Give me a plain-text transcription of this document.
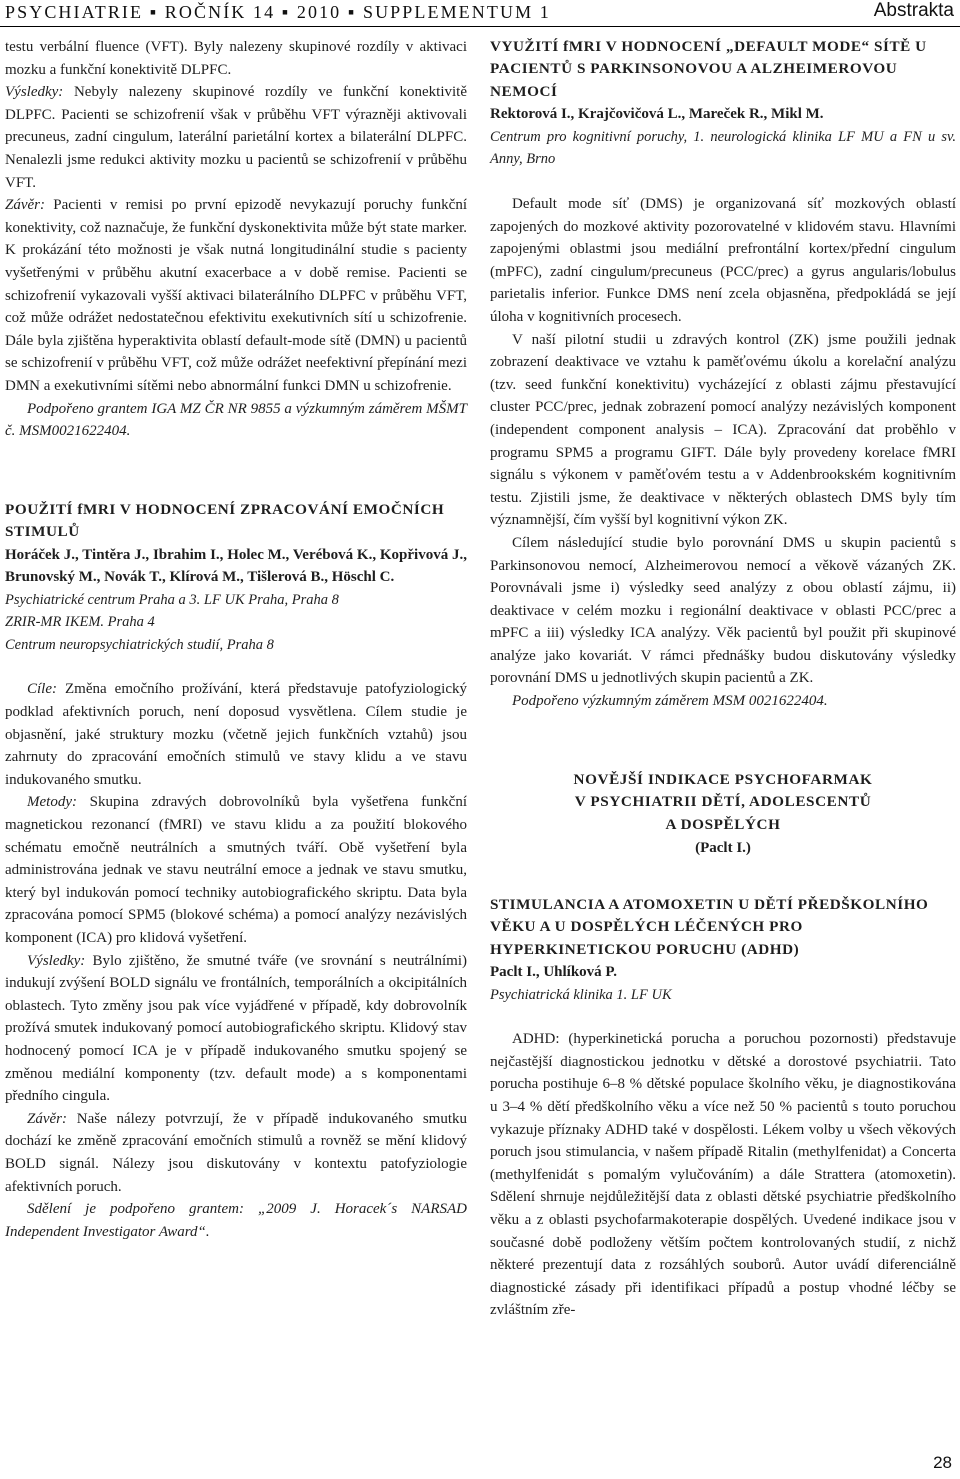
PSYCHIATRIE ▪ ROČNÍK 14 ▪ 2010 ▪ SUPPLEMENTUM 1	Abstrakta

testu verbální fluence (VFT). Byly nalezeny skupinové rozdíly v aktivaci mozku a funkční konektivitě DLPFC.

Výsledky: Nebyly nalezeny skupinové rozdíly ve funkční konektivitě DLPFC. Pacienti se schizofrenií však v průběhu VFT výrazněji aktivovali precuneus, zadní cingulum, laterální parietální kortex a bilaterální DLPFC. Nenalezli jsme redukci aktivity mozku u pacientů se schizofrenií v průběhu VFT.

Závěr: Pacienti v remisi po první epizodě nevykazují poruchy funkční konektivity, což naznačuje, že funkční dyskonektivita může být state marker. K prokázání této možnosti je však nutná longitudinální studie s pacienty vyšetřenými v průběhu akutní exacerbace a v době remise. Pacienti se schizofrenií vykazovali vyšší aktivaci bilaterálního DLPFC v průběhu VFT, což může odrážet nedostatečnou efektivitu exekutivních sítí u schizofrenie. Dále byla zjištěna hyperaktivita oblastí default-mode sítě (DMN) u pacientů se schizofrenií v průběhu VFT, což může odrážet neefektivní přepínání mezi DMN a exekutivními sítěmi nebo abnormální funkci DMN u schizofrenie.

Podpořeno grantem IGA MZ ČR NR 9855 a výzkumným záměrem MŠMT č. MSM0021622404.

POUŽITÍ fMRI V HODNOCENÍ ZPRACOVÁNÍ EMOČNÍCH STIMULŮ

Horáček J., Tintěra J., Ibrahim I., Holec M., Verébová K., Kopřivová J., Brunovský M., Novák T., Klírová M., Tišlerová B., Höschl C.

Psychiatrické centrum Praha a 3. LF UK Praha, Praha 8

ZRIR-MR IKEM. Praha 4

Centrum neuropsychiatrických studií, Praha 8

Cíle: Změna emočního prožívání, která představuje patofyziologický podklad afektivních poruch, není doposud vysvětlena. Cílem studie je objasnění, jaké struktury mozku (včetně jejich funkčních vztahů) jsou zahrnuty do zpracování emočních stimulů ve stavy klidu a ve stavu indukovaného smutku.

Metody: Skupina zdravých dobrovolníků byla vyšetřena funkční magnetickou rezonancí (fMRI) ve stavu klidu a za použití blokového schématu emočně neutrálních a smutných tváří. Obě vyšetření byla administrována jednak ve stavu neutrální emoce a jednak ve stavu smutku, který byl indukován pomocí techniky autobiografického skriptu. Data byla zpracována pomocí SPM5 (blokové schéma) a pomocí analýzy nezávislých komponent (ICA) pro klidová vyšetření.

Výsledky: Bylo zjištěno, že smutné tváře (ve srovnání s neutrálními) indukují zvýšení BOLD signálu ve frontálních, temporálních a okcipitálních oblastech. Tyto změny jsou pak více vyjádřené v případě, kdy dobrovolník prožívá smutek indukovaný pomocí autobiografického skriptu. Klidový stav hodnocený pomocí ICA je v případě indukovaného smutku spojený se změnou mediální komponenty (tzv. default mode) a s komponentami předního cingula.

Závěr: Naše nálezy potvrzují, že v případě indukovaného smutku dochází ke změně zpracování emočních stimulů a rovněž se mění klidový BOLD signál. Nálezy jsou diskutovány v kontextu patofyziologie afektivních poruch.

Sdělení je podpořeno grantem: „2009 J. Horacek´s NARSAD Independent Investigator Award“.

VYUŽITÍ fMRI V HODNOCENÍ „DEFAULT MODE“ SÍTĚ U PACIENTŮ S PARKINSONOVOU A ALZHEIMEROVOU NEMOCÍ

Rektorová I., Krajčovičová L., Mareček R., Mikl M.

Centrum pro kognitivní poruchy, 1. neurologická klinika LF MU a FN u sv. Anny, Brno

Default mode síť (DMS) je organizovaná síť mozkových oblastí zapojených do mozkové aktivity pozorovatelné v klidovém stavu. Hlavními zapojenými oblastmi jsou mediální prefrontální kortex/přední cingulum (mPFC), zadní cingulum/precuneus (PCC/prec) a gyrus angularis/lobulus parietalis inferior. Funkce DMS není zcela objasněna, předpokládá se její úloha v kognitivních procesech.

V naší pilotní studii u zdravých kontrol (ZK) jsme použili jednak zobrazení deaktivace ve vztahu k paměťovému úkolu a korelační analýzu (tzv. seed funkční konektivitu) vycházející z oblasti zájmu přestavující cluster PCC/prec, jednak zobrazení pomocí analýzy nezávislých komponent (independent component analysis – ICA). Zpracování dat proběhlo v programu SPM5 a programu GIFT. Dále byly provedeny korelace fMRI signálu s výkonem v paměťovém testu a v Addenbrookském kognitivním testu. Zjistili jsme, že deaktivace v některých oblastech DMS byly tím významnější, čím vyšší byl kognitivní výkon ZK.

Cílem následující studie bylo porovnání DMS u skupin pacientů s Parkinsonovou nemocí, Alzheimerovou nemocí a věkově vázaných ZK. Porovnávali jsme i) výsledky seed analýzy z obou oblastí zájmu, ii) deaktivace v celém mozku i regionální deaktivace v oblasti PCC/prec a mPFC a iii) výsledky ICA analýzy. Věk pacientů byl použit při skupinové analýze jako kovariát. V rámci přednášky budou diskutovány výsledky porovnání DMS u jednotlivých skupin pacientů a ZK.

Podpořeno výzkumným záměrem MSM 0021622404.

NOVĚJŠÍ INDIKACE PSYCHOFARMAK

V PSYCHIATRII DĚTÍ, ADOLESCENTŮ

A DOSPĚLÝCH

(Paclt I.)

STIMULANCIA A ATOMOXETIN U DĚTÍ PŘEDŠKOLNÍHO VĚKU A U DOSPĚLÝCH LÉČENÝCH PRO HYPERKINETICKOU PORUCHU (ADHD)

Paclt I., Uhlíková P.

Psychiatrická klinika 1. LF UK

ADHD: (hyperkinetická porucha a poruchou pozornosti) představuje nejčastější diagnostickou jednotku v dětské a dorostové psychiatrii. Tato porucha postihuje 6–8 % dětské populace školního věku, je diagnostikována u 3–4 % dětí předškolního věku a více než 50 % pacientů s touto poruchou vykazuje příznaky ADHD také v dospělosti. Lékem volby u všech věkových poruch jsou stimulancia, v našem případě Ritalin (methylfenidat) a Concerta (methylfenidát s pomalým vylučováním) a dále Strattera (atomoxetin). Sdělení shrnuje nejdůležitější data z oblasti dětské psychiatrie předškolního věku a z oblasti psychofarmakoterapie dospělých. Uvedené indikace jsou v současné době podloženy větším počtem kontrolovaných studií, z nichž některé prezentují data z rozsáhlých souborů. Autor uvádí diferenciálně diagnostické zásady při identifikaci případů a postup vhodné léčby se zvláštním zře-

28
